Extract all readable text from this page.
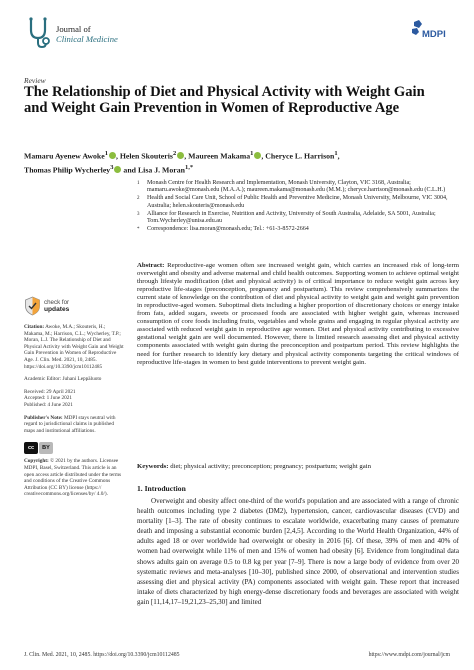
Journal of
Clinical Medicine	MDPI
Review
The Relationship of Diet and Physical Activity with Weight Gain and Weight Gain Prevention in Women of Reproductive Age
Mamaru Ayenew Awoke$^1$ , Helen Skouteris$^2$ , Maureen Makama$^1$ , Cheryce L. Harrison$^1$,
Thomas Philip Wycherley$^3$ and Lisa J. Moran$^{1,*}$
1 Monash Centre for Health Research and Implementation, Monash University, Clayton, VIC 3168, Australia; mamaru.awoke@monash.edu (M.A.A.); maureen.makama@monash.edu (M.M.); cheryce.harrison@monash.edu (C.L.H.)
2 Health and Social Care Unit, School of Public Health and Preventive Medicine, Monash University, Melbourne, VIC 3004, Australia; helen.skouteris@monash.edu
3 Alliance for Research in Exercise, Nutrition and Activity, University of South Australia, Adelaide, SA 5001, Australia; Tom.Wycherley@unisa.edu.au
* Correspondence: lisa.moran@monash.edu; Tel.: +61-3-8572-2664
Abstract: Reproductive-age women often see increased weight gain, which carries an increased risk of long-term overweight and obesity and adverse maternal and child health outcomes. Supporting women to achieve optimal weight through lifestyle modification (diet and physical activity) is of critical importance to reduce weight gain across key reproductive life-stages (preconception, pregnancy and postpartum). This review comprehensively summarizes the current state of knowledge on the contribution of diet and physical activity to weight gain and weight gain prevention in reproductive-aged women. Suboptimal diets including a higher proportion of discretionary choices or energy intake from fats, added sugars, sweets or processed foods are associated with higher weight gain, whereas increased consumption of core foods including fruits, vegetables and whole grains and engaging in regular physical activity are associated with reduced weight gain in reproductive age women. Diet and physical activity contributing to excessive gestational weight gain are well documented. However, there is limited research assessing diet and physical activity components associated with weight gain during the preconception and postpartum period. This review highlights the need for further research to identify key dietary and physical activity components targeting the critical windows of reproductive life-stages in women to best guide interventions to prevent weight gain.
Keywords: diet; physical activity; preconception; pregnancy; postpartum; weight gain
check for
updates
Citation: Awoke, M.A.; Skouteris, H.; Makama, M.; Harrison, C.L.; Wycherley, T.P.; Moran, L.J. The Relationship of Diet and Physical Activity with Weight Gain and Weight Gain Prevention in Women of Reproductive Age. J. Clin. Med. 2021, 10, 2485. https://doi.org/10.3390/jcm10112485
Academic Editor: Juhani Leppäluoto
Received: 29 April 2021
Accepted: 1 June 2021
Published: 4 June 2021
Publisher's Note: MDPI stays neutral with regard to jurisdictional claims in published maps and institutional affiliations.
cc	BY
Copyright: © 2021 by the authors. Licensee MDPI, Basel, Switzerland. This article is an open access article distributed under the terms and conditions of the Creative Commons Attribution (CC BY) license (https:// creativecommons.org/licenses/by/ 4.0/).
1. Introduction

Overweight and obesity affect one-third of the world's population and are associated with a range of chronic health outcomes including type 2 diabetes (DM2), hypertension, cancer, cardiovascular diseases (CVD) and mortality [1–3]. The rate of obesity continues to escalate worldwide, exacerbating many causes of premature death and imposing a substantial economic burden [2,4,5]. According to the World Health Organization, 44% of adults aged 18 or over worldwide had overweight or obesity in 2016 [6]. Of these, 39% of men and 40% of women had overweight while 11% of men and 15% of women had obesity [6]. Evidence from longitudinal data shows adults gain on average 0.5 to 0.8 kg per year [7–9]. There is now a large body of evidence from over 20 systematic reviews and meta-analyses [10–30], published since 2000, of observational and intervention studies assessing diet and physical activity (PA) components associated with weight gain. These report that increased intake of diets characterized by high energy-dense discretionary foods and beverages are associated with weight gain [11,14,17–19,21,23–25,30] and limited

J. Clin. Med. 2021, 10, 2485. https://doi.org/10.3390/jcm10112485	https://www.mdpi.com/journal/jcm
